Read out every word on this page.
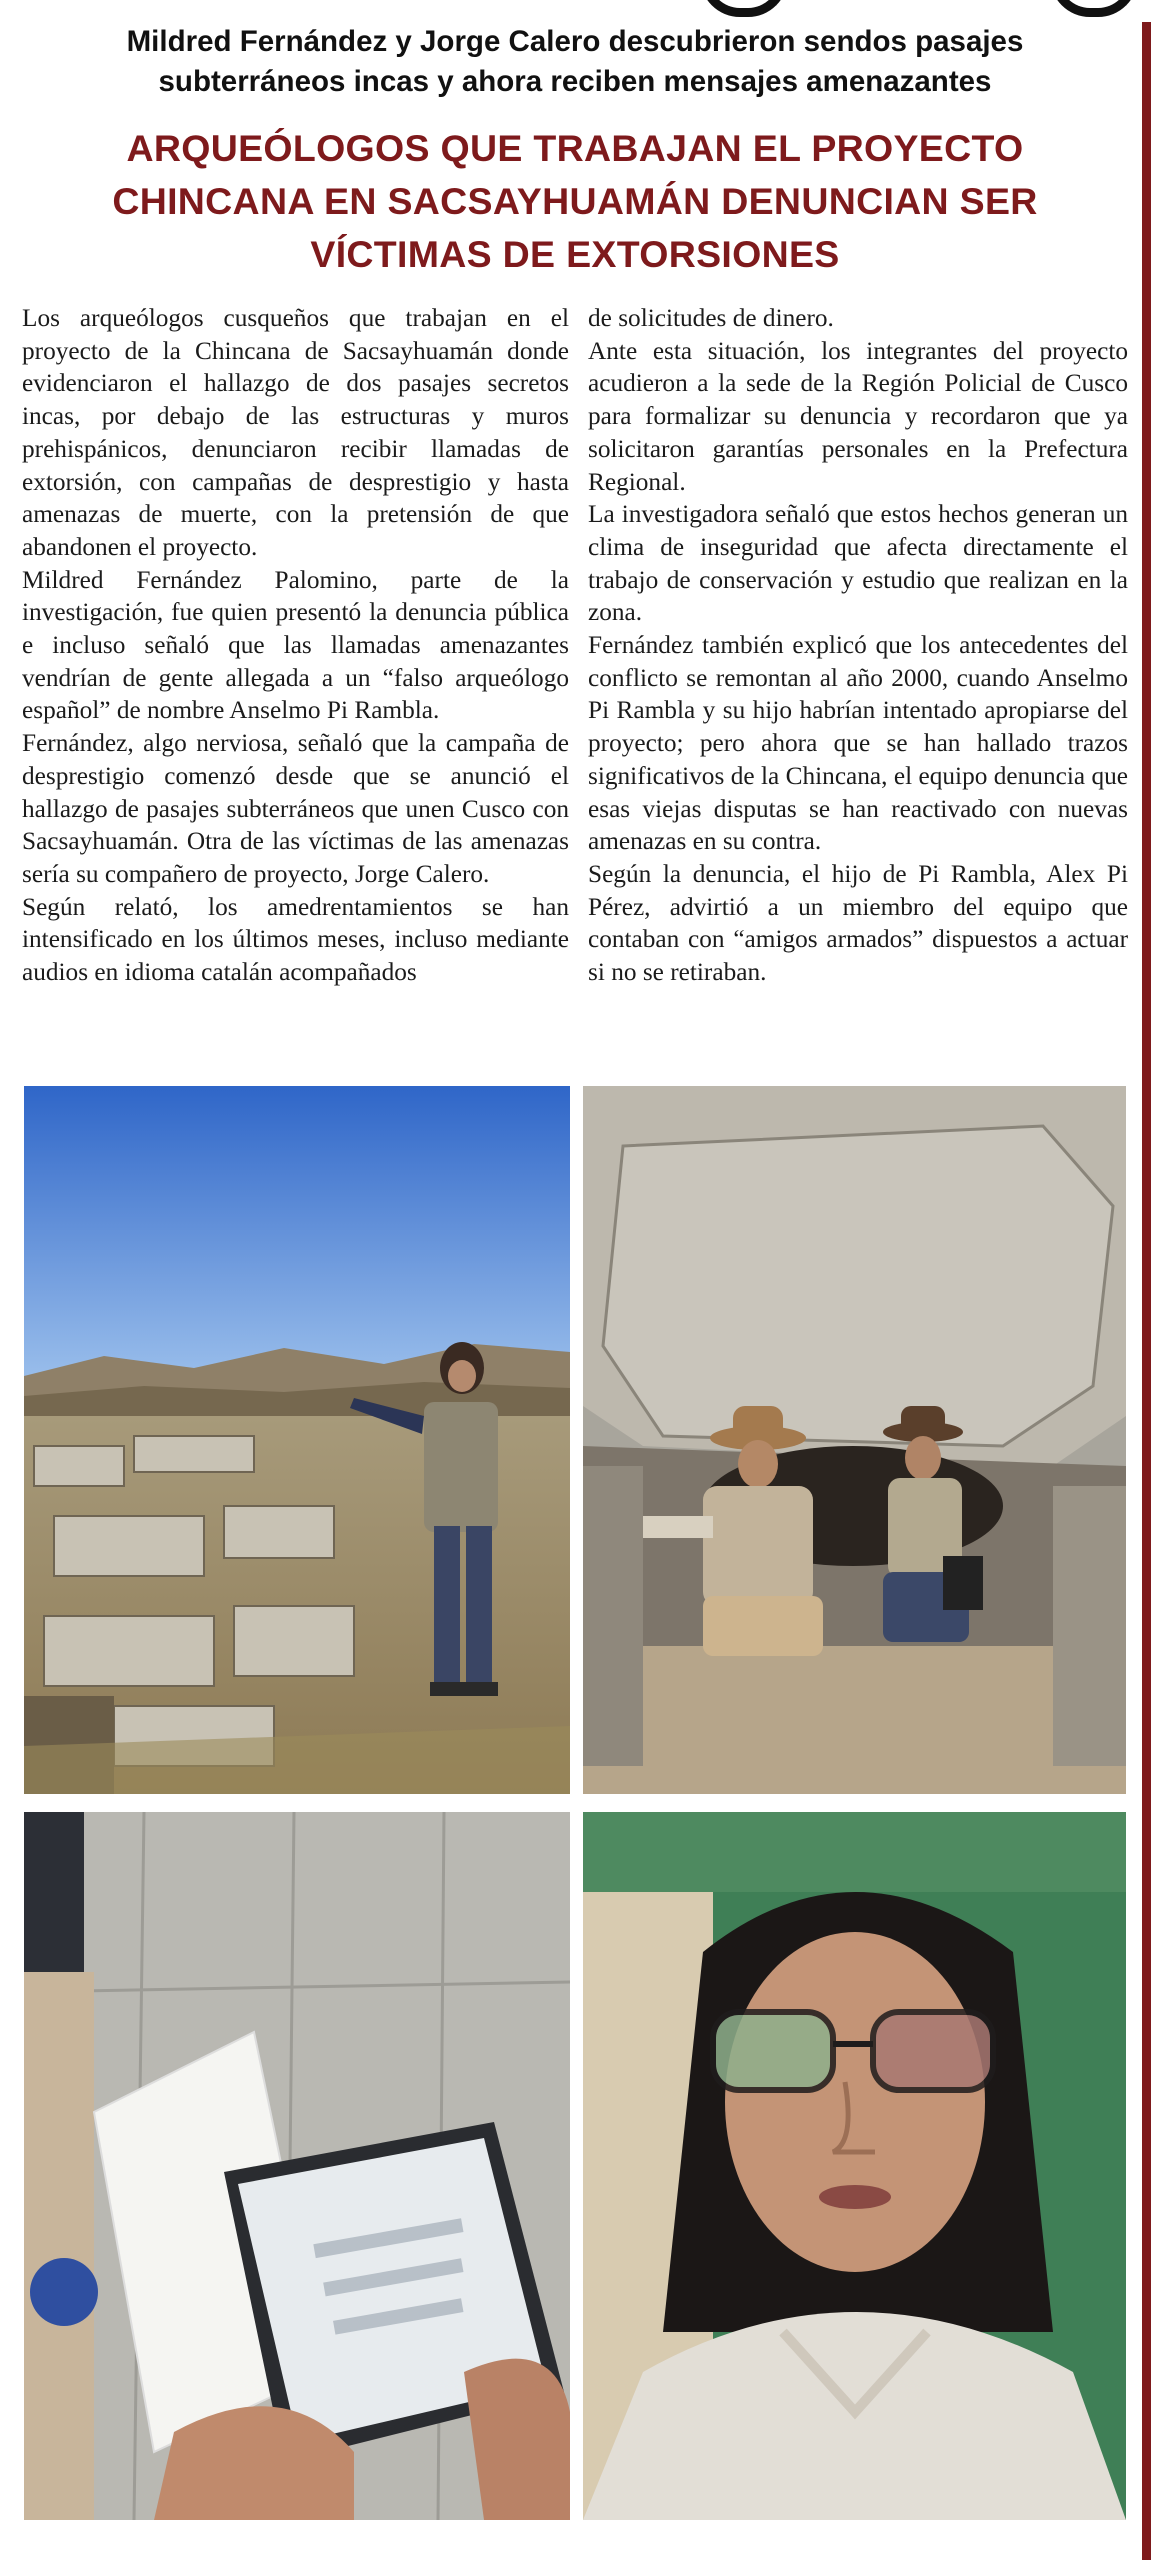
Mildred Fernández y Jorge Calero descubrieron sendos pasajes
subterráneos incas y ahora reciben mensajes amenazantes
ARQUEÓLOGOS QUE TRABAJAN EL PROYECTO
CHINCANA EN SACSAYHUAMÁN DENUNCIAN SER
VÍCTIMAS DE EXTORSIONES

Los arqueólogos cusqueños que trabajan en el proyecto de la Chincana de Sacsayhuamán donde evidenciaron el hallazgo de dos pasajes secretos incas, por debajo de las estructuras y muros prehispánicos, denunciaron recibir llamadas de extorsión, con campañas de desprestigio y hasta amenazas de muerte, con la pretensión de que abandonen el proyecto.

Mildred Fernández Palomino, parte de la investigación, fue quien presentó la denuncia pública e incluso señaló que las llamadas amenazantes vendrían de gente allegada a un “falso arqueólogo español” de nombre Anselmo Pi Rambla.

Fernández, algo nerviosa, señaló que la campaña de desprestigio comenzó desde que se anunció el hallazgo de pasajes subterráneos que unen Cusco con Sacsayhuamán. Otra de las víctimas de las amenazas sería su compañero de proyecto, Jorge Calero.

Según relató, los amedrentamientos se han intensificado en los últimos meses, incluso mediante audios en idioma catalán acompañados

de solicitudes de dinero.

Ante esta situación, los integrantes del proyecto acudieron a la sede de la Región Policial de Cusco para formalizar su denuncia y recordaron que ya solicitaron garantías personales en la Prefectura Regional.

La investigadora señaló que estos hechos generan un clima de inseguridad que afecta directamente el trabajo de conservación y estudio que realizan en la zona.

Fernández también explicó que los antecedentes del conflicto se remontan al año 2000, cuando Anselmo Pi Rambla y su hijo habrían intentado apropiarse del proyecto; pero ahora que se han hallado trazos significativos de la Chincana, el equipo denuncia que esas viejas disputas se han reactivado con nuevas amenazas en su contra.

Según la denuncia, el hijo de Pi Rambla, Alex Pi Pérez, advirtió a un miembro del equipo que contaban con “amigos armados” dispuestos a actuar si no se retiraban.
